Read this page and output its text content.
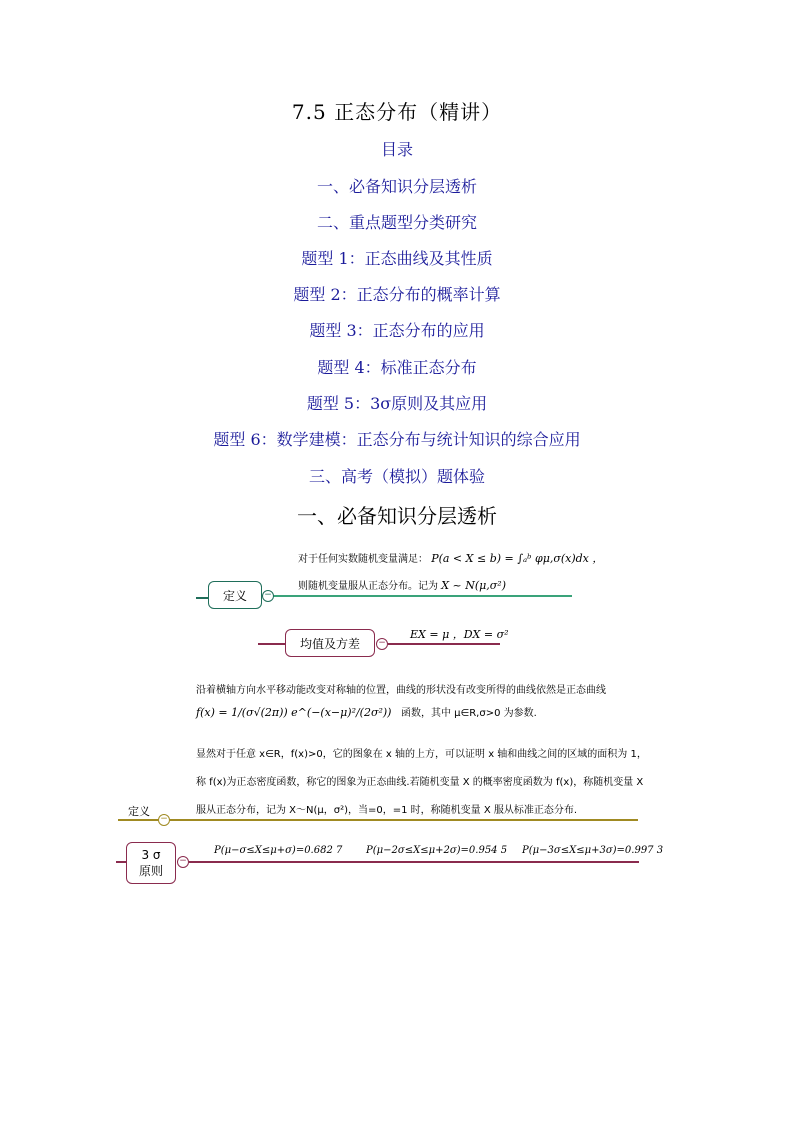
7.5 正态分布（精讲）
目录
一、必备知识分层透析
二、重点题型分类研究
题型 1：正态曲线及其性质
题型 2：正态分布的概率计算
题型 3：正态分布的应用
题型 4：标准正态分布
题型 5：3σ原则及其应用
题型 6：数学建模：正态分布与统计知识的综合应用
三、高考（模拟）题体验
一、必备知识分层透析
对于任何实数随机变量满足： P(a < X ≤ b) = ∫ₐᵇ φμ,σ(x)dx ，
则随机变量服从正态分布。记为 X ~ N(μ,σ²)
定义	−
均值及方差	−
EX = μ ，DX = σ²
沿着横轴方向水平移动能改变对称轴的位置，曲线的形状没有改变所得的曲线依然是正态曲线
f(x) = 1/(σ√(2π)) e^(−(x−μ)²/(2σ²)) 函数，其中 μ∈R,σ>0 为参数.
显然对于任意 x∈R，f(x)>0，它的图象在 x 轴的上方，可以证明 x 轴和曲线之间的区域的面积为 1，
称 f(x)为正态密度函数，称它的图象为正态曲线.若随机变量 X 的概率密度函数为 f(x)，称随机变量 X
服从正态分布，记为 X～N(μ，σ²)，当=0，=1 时，称随机变量 X 服从标准正态分布.
定义
−
3 σ
原则
−
P(μ−σ≤X≤μ+σ)=0.682 7 P(μ−2σ≤X≤μ+2σ)=0.954 5 P(μ−3σ≤X≤μ+3σ)=0.997 3
